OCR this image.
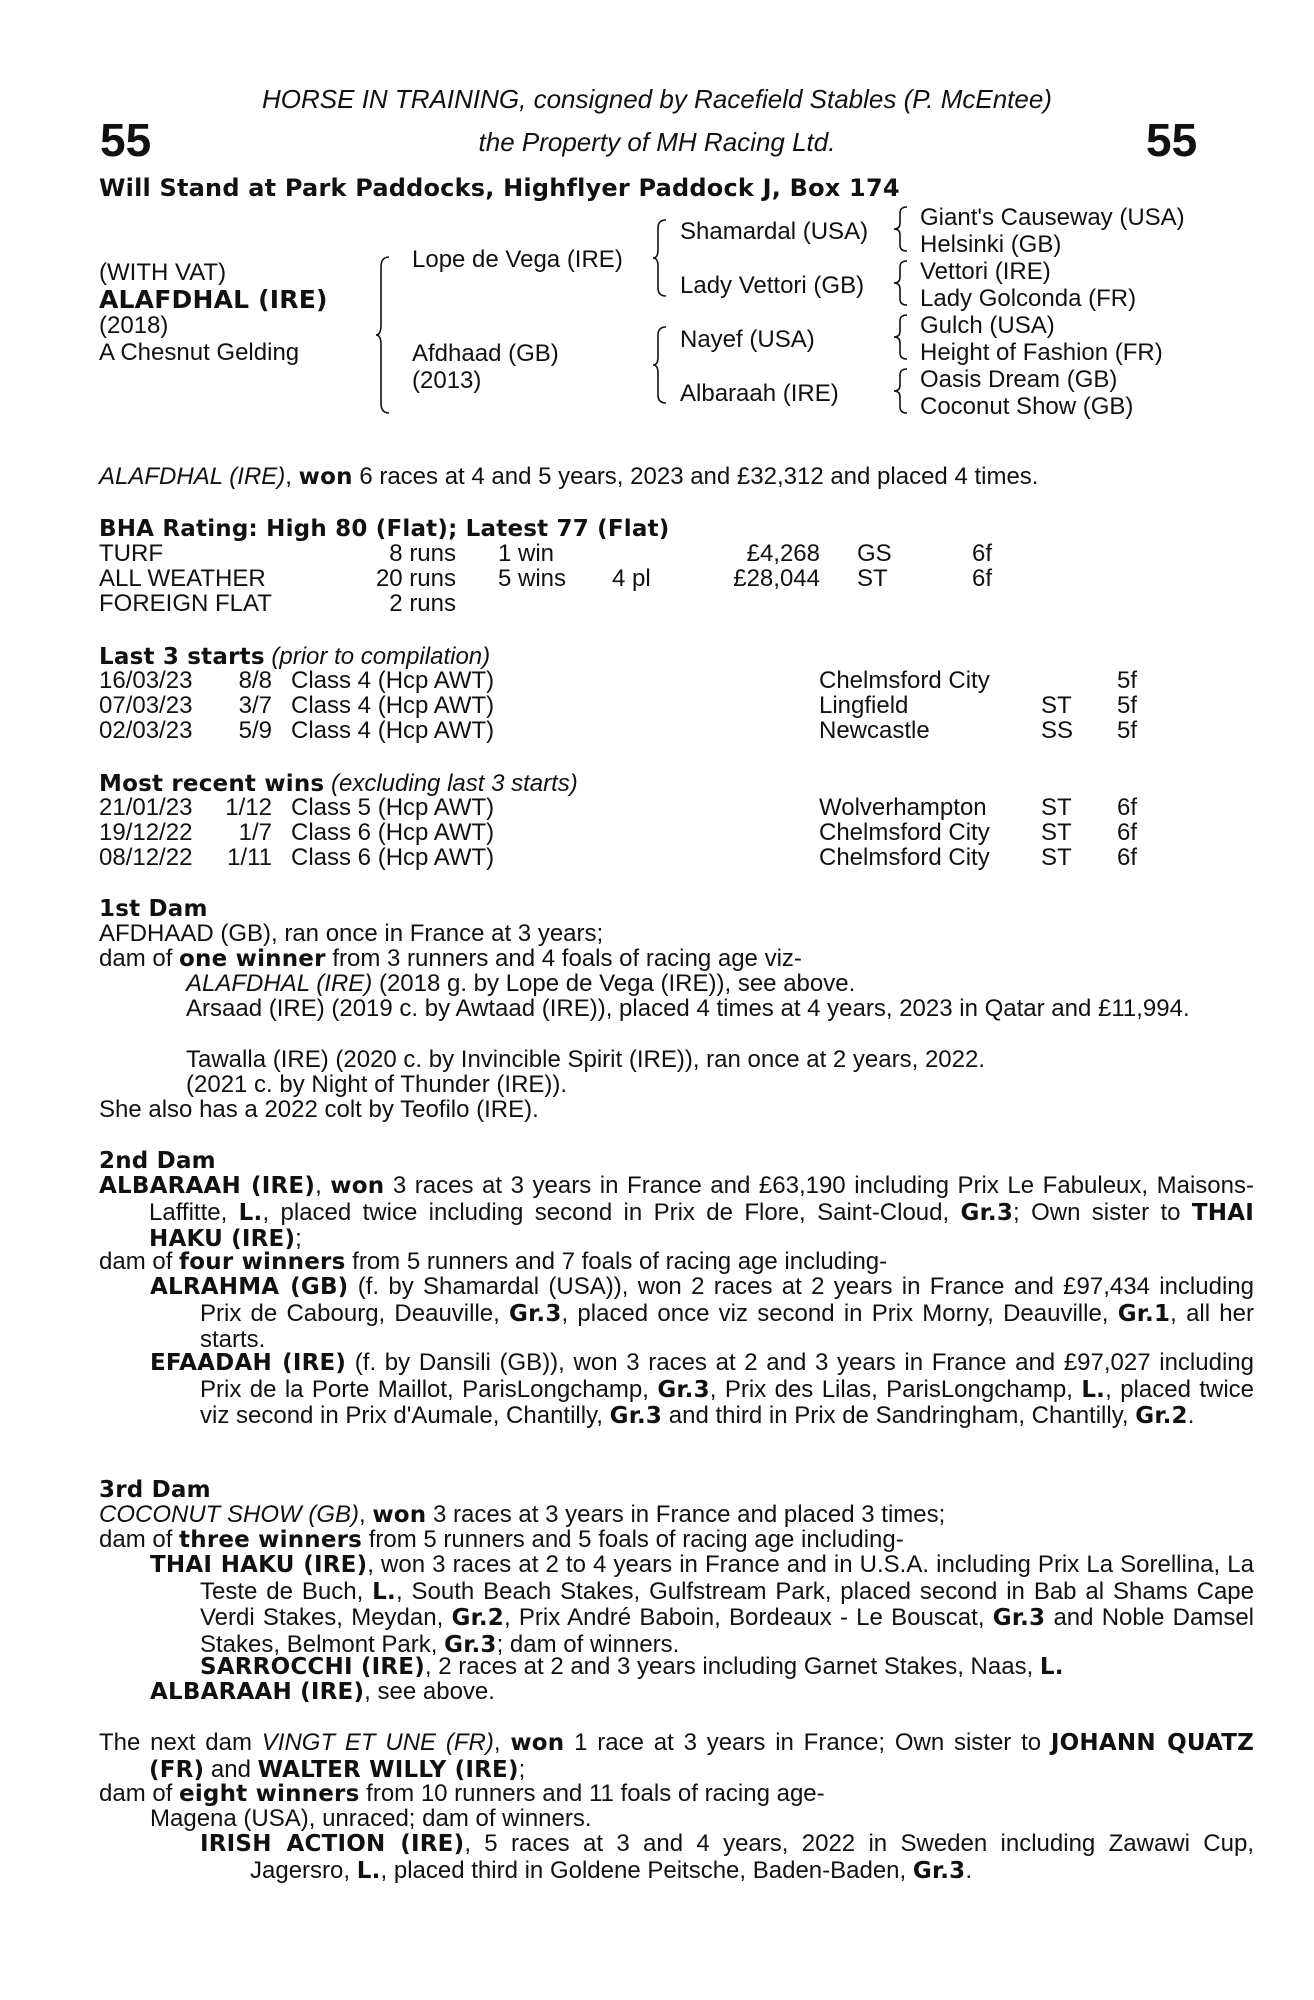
55	55
HORSE IN TRAINING, consigned by Racefield Stables (P. McEntee)
the Property of MH Racing Ltd.
Will Stand at Park Paddocks, Highflyer Paddock J, Box 174
(WITH VAT)
ALAFDHAL (IRE)
(2018)
A Chesnut Gelding
Lope de Vega (IRE)
Afdhaad (GB)
(2013)
Shamardal (USA)
Lady Vettori (GB)
Nayef (USA)
Albaraah (IRE)
Giant's Causeway (USA)
Helsinki (GB)
Vettori (IRE)
Lady Golconda (FR)
Gulch (USA)
Height of Fashion (FR)
Oasis Dream (GB)
Coconut Show (GB)
ALAFDHAL (IRE), won 6 races at 4 and 5 years, 2023 and £32,312 and placed 4 times.
BHA Rating: High 80 (Flat); Latest 77 (Flat)
TURF	8 runs 1 win	£4,268 GS	6f
ALL WEATHER	20 runs 5 wins 4 pl	£28,044 ST	6f
FOREIGN FLAT	2 runs
Last 3 starts (prior to compilation)
16/03/23	8/8 Class 4 (Hcp AWT)	Chelmsford City	5f
07/03/23	3/7 Class 4 (Hcp AWT)	Lingfield	ST 5f
02/03/23	5/9 Class 4 (Hcp AWT)	Newcastle	SS 5f
Most recent wins (excluding last 3 starts)
21/01/23	1/12 Class 5 (Hcp AWT)	Wolverhampton ST 6f
19/12/22	1/7 Class 6 (Hcp AWT)	Chelmsford City ST 6f
08/12/22	1/11 Class 6 (Hcp AWT)	Chelmsford City ST 6f
1st Dam
AFDHAAD (GB), ran once in France at 3 years;
dam of one winner from 3 runners and 4 foals of racing age viz-
ALAFDHAL (IRE) (2018 g. by Lope de Vega (IRE)), see above.
Arsaad (IRE) (2019 c. by Awtaad (IRE)), placed 4 times at 4 years, 2023 in Qatar and £11,994.
Tawalla (IRE) (2020 c. by Invincible Spirit (IRE)), ran once at 2 years, 2022.
(2021 c. by Night of Thunder (IRE)).
She also has a 2022 colt by Teofilo (IRE).
2nd Dam
ALBARAAH (IRE), won 3 races at 3 years in France and £63,190 including Prix Le Fabuleux, Maisons-Laffitte, L., placed twice including second in Prix de Flore, Saint-Cloud, Gr.3; Own sister to THAI HAKU (IRE);
dam of four winners from 5 runners and 7 foals of racing age including-
ALRAHMA (GB) (f. by Shamardal (USA)), won 2 races at 2 years in France and £97,434 including Prix de Cabourg, Deauville, Gr.3, placed once viz second in Prix Morny, Deauville, Gr.1, all her starts.
EFAADAH (IRE) (f. by Dansili (GB)), won 3 races at 2 and 3 years in France and £97,027 including Prix de la Porte Maillot, ParisLongchamp, Gr.3, Prix des Lilas, ParisLongchamp, L., placed twice viz second in Prix d'Aumale, Chantilly, Gr.3 and third in Prix de Sandringham, Chantilly, Gr.2.
3rd Dam
COCONUT SHOW (GB), won 3 races at 3 years in France and placed 3 times;
dam of three winners from 5 runners and 5 foals of racing age including-
THAI HAKU (IRE), won 3 races at 2 to 4 years in France and in U.S.A. including Prix La Sorellina, La Teste de Buch, L., South Beach Stakes, Gulfstream Park, placed second in Bab al Shams Cape Verdi Stakes, Meydan, Gr.2, Prix André Baboin, Bordeaux - Le Bouscat, Gr.3 and Noble Damsel Stakes, Belmont Park, Gr.3; dam of winners.
SARROCCHI (IRE), 2 races at 2 and 3 years including Garnet Stakes, Naas, L.
ALBARAAH (IRE), see above.
The next dam VINGT ET UNE (FR), won 1 race at 3 years in France; Own sister to JOHANN QUATZ (FR) and WALTER WILLY (IRE);
dam of eight winners from 10 runners and 11 foals of racing age-
Magena (USA), unraced; dam of winners.
IRISH ACTION (IRE), 5 races at 3 and 4 years, 2022 in Sweden including Zawawi Cup, Jagersro, L., placed third in Goldene Peitsche, Baden-Baden, Gr.3.
